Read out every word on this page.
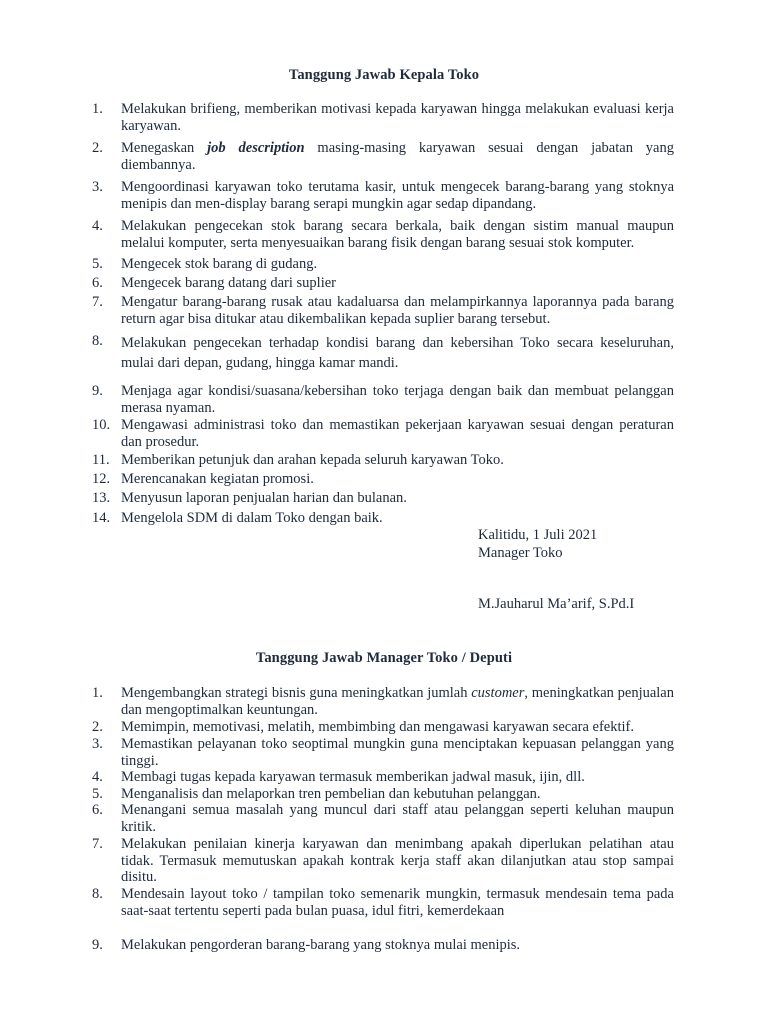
Tanggung Jawab Kepala Toko
1.	Melakukan brifieng, memberikan motivasi kepada karyawan hingga melakukan evaluasi kerja karyawan.
2.	Menegaskan job description masing-masing karyawan sesuai dengan jabatan yang diembannya.
3.	Mengoordinasi karyawan toko terutama kasir, untuk mengecek barang-barang yang stoknya menipis dan men-display barang serapi mungkin agar sedap dipandang.
4.	Melakukan pengecekan stok barang secara berkala, baik dengan sistim manual maupun melalui komputer, serta menyesuaikan barang fisik dengan barang sesuai stok komputer.
5.	Mengecek stok barang di gudang.
6.	Mengecek barang datang dari suplier
7.	Mengatur barang-barang rusak atau kadaluarsa dan melampirkannya laporannya pada barang return agar bisa ditukar atau dikembalikan kepada suplier barang tersebut.
8.	Melakukan pengecekan terhadap kondisi barang dan kebersihan Toko secara keseluruhan, mulai dari depan, gudang, hingga kamar mandi.
9.	Menjaga agar kondisi/suasana/kebersihan toko terjaga dengan baik dan membuat pelanggan merasa nyaman.
10. Mengawasi administrasi toko dan memastikan pekerjaan karyawan sesuai dengan peraturan dan prosedur.
11. Memberikan petunjuk dan arahan kepada seluruh karyawan Toko.
12. Merencanakan kegiatan promosi.
13. Menyusun laporan penjualan harian dan bulanan.
14. Mengelola SDM di dalam Toko dengan baik.
Kalitidu, 1 Juli 2021
Manager Toko
M.Jauharul Ma’arif, S.Pd.I
Tanggung Jawab Manager Toko / Deputi
1.	Mengembangkan strategi bisnis guna meningkatkan jumlah customer, meningkatkan penjualan dan mengoptimalkan keuntungan.
2.	Memimpin, memotivasi, melatih, membimbing dan mengawasi karyawan secara efektif.
3.	Memastikan pelayanan toko seoptimal mungkin guna menciptakan kepuasan pelanggan yang tinggi.
4.	Membagi tugas kepada karyawan termasuk memberikan jadwal masuk, ijin, dll.
5.	Menganalisis dan melaporkan tren pembelian dan kebutuhan pelanggan.
6.	Menangani semua masalah yang muncul dari staff atau pelanggan seperti keluhan maupun kritik.
7.	Melakukan penilaian kinerja karyawan dan menimbang apakah diperlukan pelatihan atau tidak. Termasuk memutuskan apakah kontrak kerja staff akan dilanjutkan atau stop sampai disitu.
8.	Mendesain layout toko / tampilan toko semenarik mungkin, termasuk mendesain tema pada saat-saat tertentu seperti pada bulan puasa, idul fitri, kemerdekaan
9.	Melakukan pengorderan barang-barang yang stoknya mulai menipis.
